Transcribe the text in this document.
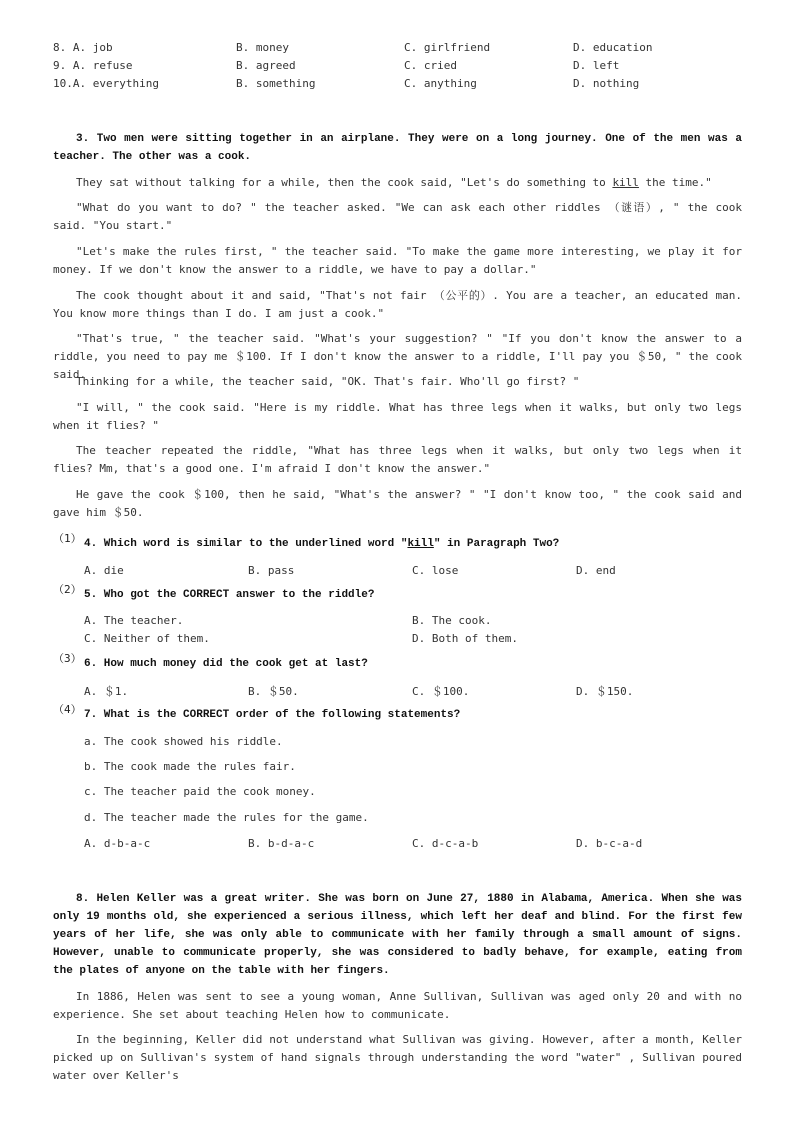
8. A. job	B. money	C. girlfriend	D. education
9. A. refuse	B. agreed	C. cried	D. left
10.A. everything	B. something	C. anything	D. nothing
3. Two men were sitting together in an airplane. They were on a long journey. One of the men was a teacher. The other was a cook.
They sat without talking for a while, then the cook said, "Let's do something to kill the time."
"What do you want to do? " the teacher asked. "We can ask each other riddles （谜语）, " the cook said. "You start."
"Let's make the rules first, " the teacher said. "To make the game more interesting, we play it for money. If we don't know the answer to a riddle, we have to pay a dollar."
The cook thought about it and said, "That's not fair （公平的）. You are a teacher, an educated man. You know more things than I do. I am just a cook."
"That's true, " the teacher said. "What's your suggestion? " "If you don't know the answer to a riddle, you need to pay me ＄100. If I don't know the answer to a riddle, I'll pay you ＄50, " the cook said.
Thinking for a while, the teacher said, "OK. That's fair. Who'll go first? "
"I will, " the cook said. "Here is my riddle. What has three legs when it walks, but only two legs when it flies? "
The teacher repeated the riddle, "What has three legs when it walks, but only two legs when it flies? Mm, that's a good one. I'm afraid I don't know the answer."
He gave the cook ＄100, then he said, "What's the answer? " "I don't know too, " the cook said and gave him ＄50.
（1） 4. Which word is similar to the underlined word "kill" in Paragraph Two?
A. die	B. pass	C. lose	D. end
（2） 5. Who got the CORRECT answer to the riddle?
A. The teacher.	B. The cook.
C. Neither of them.	D. Both of them.
（3） 6. How much money did the cook get at last?
A. ＄1.	B. ＄50.	C. ＄100.	D. ＄150.
（4） 7. What is the CORRECT order of the following statements?
a. The cook showed his riddle.
b. The cook made the rules fair.
c. The teacher paid the cook money.
d. The teacher made the rules for the game.
A. d-b-a-c	B. b-d-a-c	C. d-c-a-b	D. b-c-a-d
8. Helen Keller was a great writer. She was born on June 27, 1880 in Alabama, America. When she was only 19 months old, she experienced a serious illness, which left her deaf and blind. For the first few years of her life, she was only able to communicate with her family through a small amount of signs. However, unable to communicate properly, she was considered to badly behave, for example, eating from the plates of anyone on the table with her fingers.
In 1886, Helen was sent to see a young woman, Anne Sullivan, Sullivan was aged only 20 and with no experience. She set about teaching Helen how to communicate.
In the beginning, Keller did not understand what Sullivan was giving. However, after a month, Keller picked up on Sullivan's system of hand signals through understanding the word "water" , Sullivan poured water over Keller's
